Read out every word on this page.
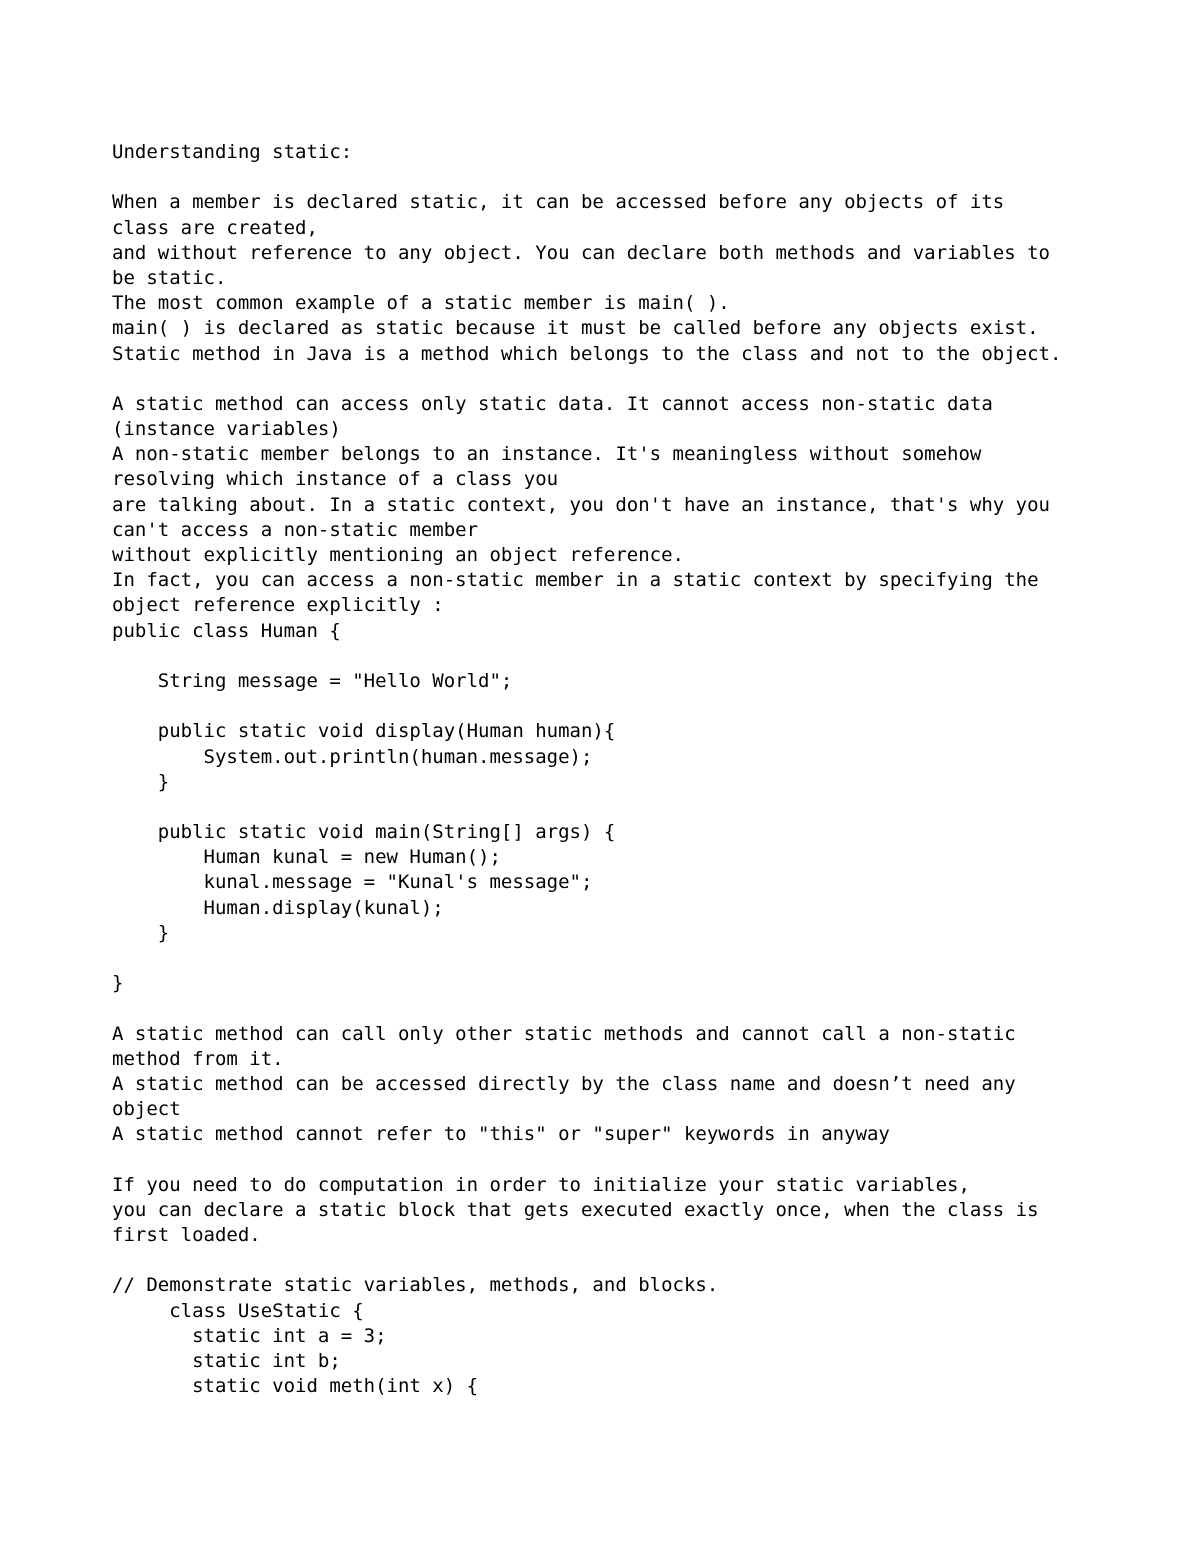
Understanding static:
When a member is declared static, it can be accessed before any objects of its
class are created,
and without reference to any object. You can declare both methods and variables to
be static.
The most common example of a static member is main( ).
main( ) is declared as static because it must be called before any objects exist.
Static method in Java is a method which belongs to the class and not to the object.
A static method can access only static data. It cannot access non-static data
(instance variables)
A non-static member belongs to an instance. It's meaningless without somehow
resolving which instance of a class you
are talking about. In a static context, you don't have an instance, that's why you
can't access a non-static member
without explicitly mentioning an object reference.
In fact, you can access a non-static member in a static context by specifying the
object reference explicitly :
public class Human {
String message = "Hello World";
public static void display(Human human){
System.out.println(human.message);
}
public static void main(String[] args) {
Human kunal = new Human();
kunal.message = "Kunal's message";
Human.display(kunal);
}
}
A static method can call only other static methods and cannot call a non-static
method from it.
A static method can be accessed directly by the class name and doesn’t need any
object
A static method cannot refer to "this" or "super" keywords in anyway
If you need to do computation in order to initialize your static variables,
you can declare a static block that gets executed exactly once, when the class is
first loaded.
// Demonstrate static variables, methods, and blocks.
class UseStatic {
static int a = 3;
static int b;
static void meth(int x) {
